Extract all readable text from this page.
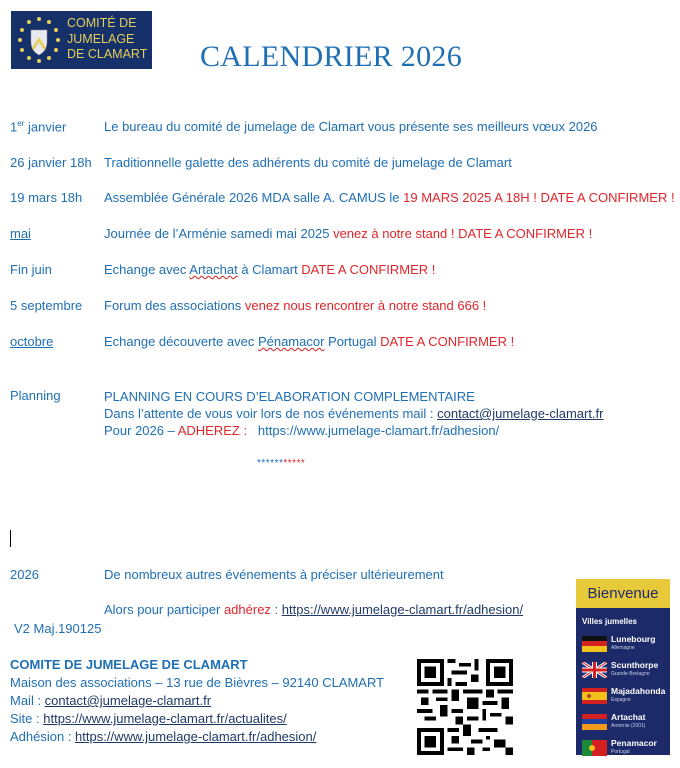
COMITÉ DE
JUMELAGE
DE CLAMART CALENDRIER 2026
1er janvier	Le bureau du comité de jumelage de Clamart vous présente ses meilleurs vœux 2026
26 janvier 18h Traditionnelle galette des adhérents du comité de jumelage de Clamart
19 mars 18h Assemblée Générale 2026 MDA salle A. CAMUS le 19 MARS 2025 A 18H ! DATE A CONFIRMER !
mai	Journée de l’Arménie samedi mai 2025 venez à notre stand ! DATE A CONFIRMER !
Fin juin	Echange avec Artachat à Clamart DATE A CONFIRMER !
5 septembre Forum des associations venez nous rencontrer à notre stand 666 !
octobre	Echange découverte avec Pénamacor Portugal DATE A CONFIRMER !
Planning	PLANNING EN COURS D’ELABORATION COMPLEMENTAIRE
Dans l’attente de vous voir lors de nos événements mail : contact@jumelage-clamart.fr
Pour 2026 – ADHEREZ :   https://www.jumelage-clamart.fr/adhesion/
***********
2026	De nombreux autres événements à préciser ultérieurement
Alors pour participer adhérez : https://www.jumelage-clamart.fr/adhesion/
V2 Maj.190125
COMITE DE JUMELAGE DE CLAMART
Maison des associations – 13 rue de Bièvres – 92140 CLAMART
Mail : contact@jumelage-clamart.fr
Site : https://www.jumelage-clamart.fr/actualites/
Adhésion : https://www.jumelage-clamart.fr/adhesion/
Bienvenue
Villes jumelles
Lunebourg
Allemagne
Scunthorpe
Grande-Bretagne
Majadahonda
Espagne
Artachat
Arménie (2001)
Penamacor
Portugal
